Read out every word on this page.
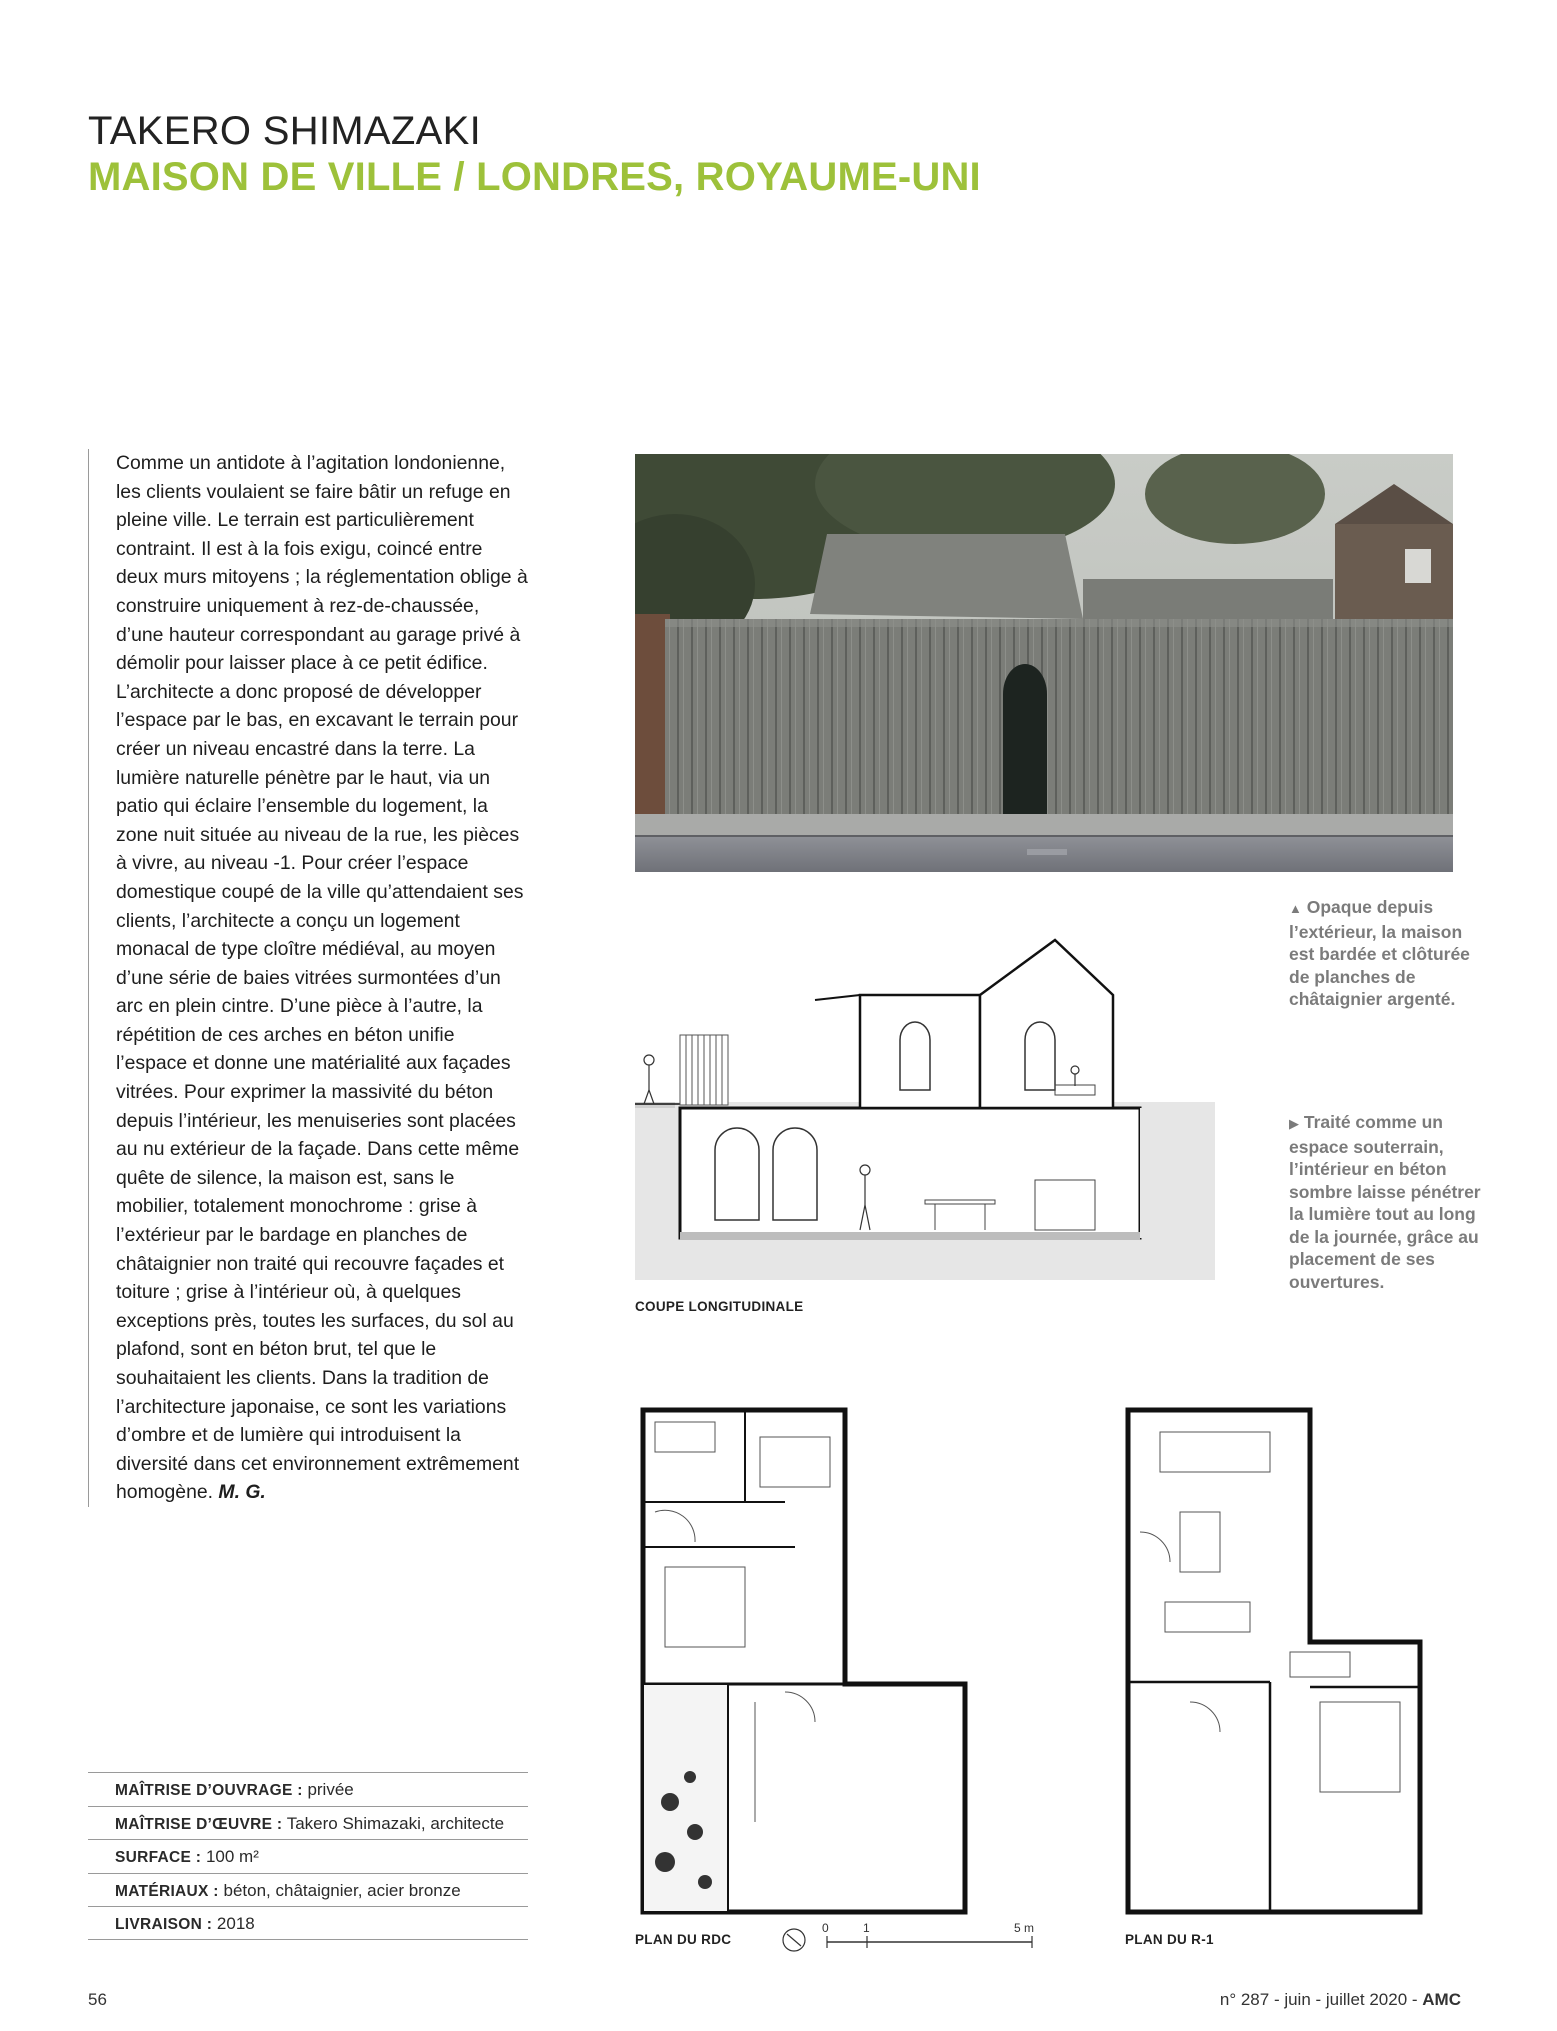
TAKERO SHIMAZAKI
MAISON DE VILLE / LONDRES, ROYAUME-UNI

Comme un antidote à l’agitation londonienne, les clients voulaient se faire bâtir un refuge en pleine ville. Le terrain est particulièrement contraint. Il est à la fois exigu, coincé entre deux murs mitoyens ; la réglementation oblige à construire uniquement à rez-de-chaussée, d’une hauteur correspondant au garage privé à démolir pour laisser place à ce petit édifice. L’architecte a donc proposé de développer l’espace par le bas, en excavant le terrain pour créer un niveau encastré dans la terre. La lumière naturelle pénètre par le haut, via un patio qui éclaire l’ensemble du logement, la zone nuit située au niveau de la rue, les pièces à vivre, au niveau -1. Pour créer l’espace domestique coupé de la ville qu’attendaient ses clients, l’architecte a conçu un logement monacal de type cloître médiéval, au moyen d’une série de baies vitrées surmontées d’un arc en plein cintre. D’une pièce à l’autre, la répétition de ces arches en béton unifie l’espace et donne une matérialité aux façades vitrées. Pour exprimer la massivité du béton depuis l’intérieur, les menuiseries sont placées au nu extérieur de la façade. Dans cette même quête de silence, la maison est, sans le mobilier, totalement monochrome : grise à l’extérieur par le bardage en planches de châtaignier non traité qui recouvre façades et toiture ; grise à l’intérieur où, à quelques exceptions près, toutes les surfaces, du sol au plafond, sont en béton brut, tel que le souhaitaient les clients. Dans la tradition de l’architecture japonaise, ce sont les variations d’ombre et de lumière qui introduisent la diversité dans cet environnement extrêmement homogène. M. G.

MAÎTRISE D’OUVRAGE : privée
MAÎTRISE D’ŒUVRE : Takero Shimazaki, architecte
SURFACE : 100 m²
MATÉRIAUX : béton, châtaignier, acier bronze
LIVRAISON : 2018
▲ Opaque depuis l’extérieur, la maison est bardée et clôturée de planches de châtaignier argenté.
▶ Traité comme un espace souterrain, l’intérieur en béton sombre laisse pénétrer la lumière tout au long de la journée, grâce au placement de ses ouvertures.
COUPE LONGITUDINALE
PLAN DU RDC
0	1	5 m
PLAN DU R-1
56	n° 287 - juin - juillet 2020 - AMC
